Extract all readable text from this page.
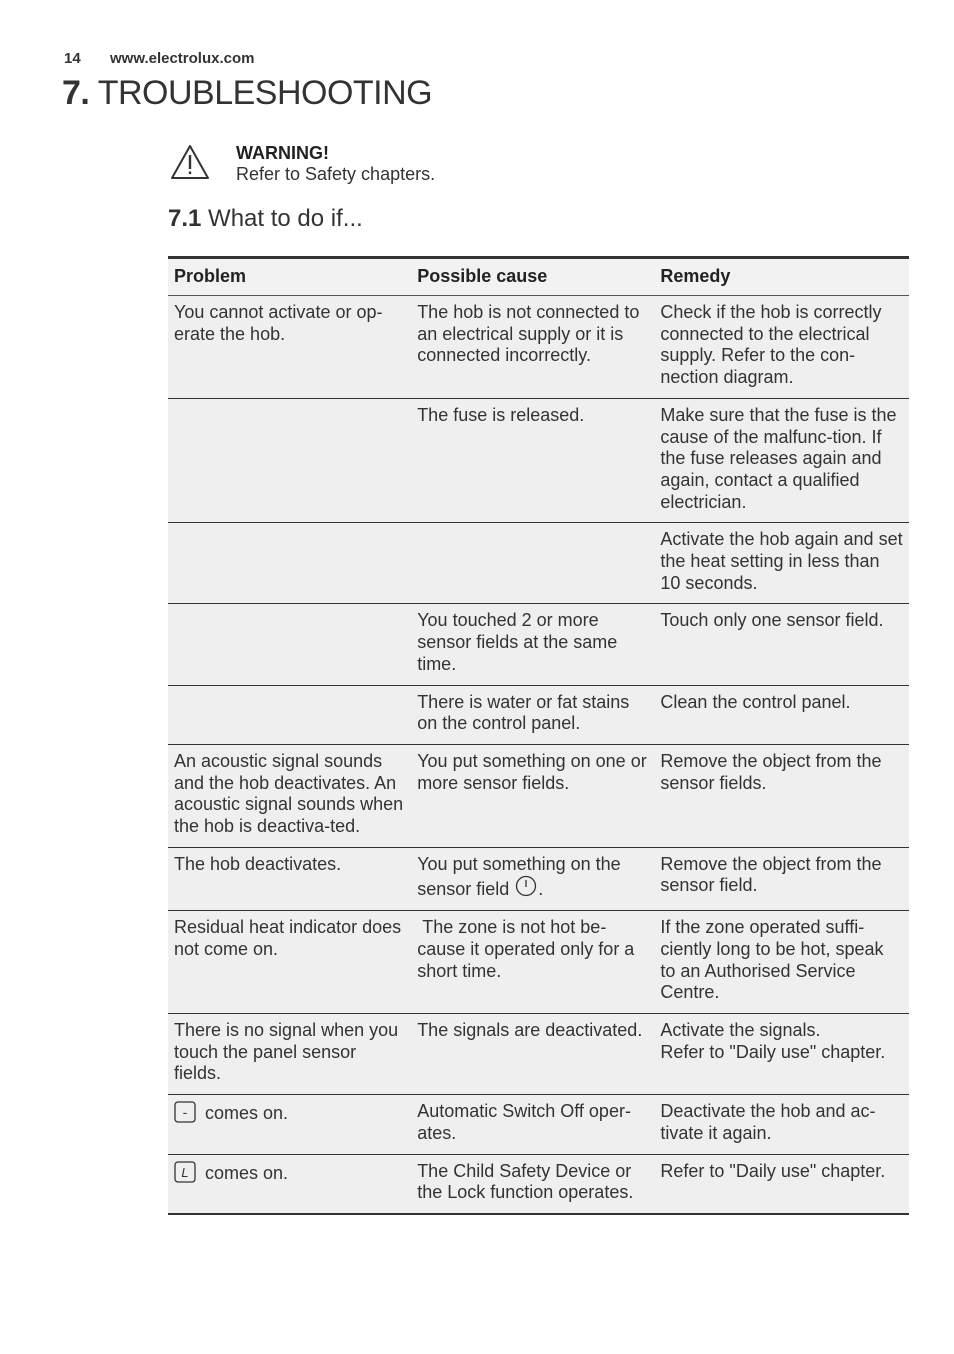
14 www.electrolux.com
7. TROUBLESHOOTING
WARNING!
Refer to Safety chapters.
7.1 What to do if...
Problem	Possible cause	Remedy
You cannot activate or op-erate the hob.	The hob is not connected to an electrical supply or it is connected incorrectly.	Check if the hob is correctly connected to the electrical supply. Refer to the con-nection diagram.
	The fuse is released.	Make sure that the fuse is the cause of the malfunc-tion. If the fuse releases again and again, contact a qualified electrician.
		Activate the hob again and set the heat setting in less than 10 seconds.
	You touched 2 or more sensor fields at the same time.	Touch only one sensor field.
	There is water or fat stains on the control panel.	Clean the control panel.
An acoustic signal sounds and the hob deactivates. An acoustic signal sounds when the hob is deactiva-ted.	You put something on one or more sensor fields.	Remove the object from the sensor fields.
The hob deactivates.	You put something on the sensor field .	Remove the object from the sensor field.
Residual heat indicator does not come on.	The zone is not hot be-cause it operated only for a short time.	If the zone operated suffi-ciently long to be hot, speak to an Authorised Service Centre.
There is no signal when you touch the panel sensor fields.	The signals are deactivated.	Activate the signals.
Refer to "Daily use" chapter.

- comes on.	Automatic Switch Off oper-ates.	Deactivate the hob and ac-tivate it again.

L comes on.	The Child Safety Device or the Lock function operates.	Refer to "Daily use" chapter.
